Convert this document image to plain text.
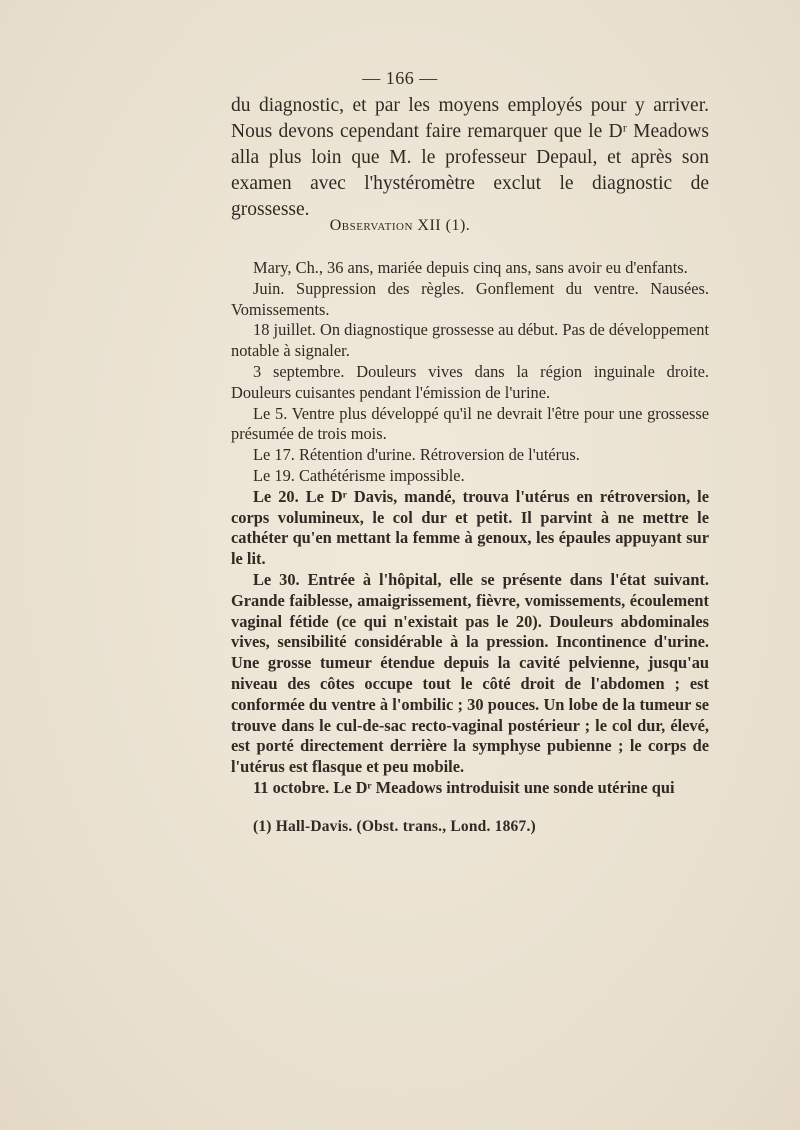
— 166 —

du diagnostic, et par les moyens employés pour y arriver. Nous devons cependant faire remarquer que le Dʳ Meadows alla plus loin que M. le professeur Depaul, et après son examen avec l'hystéromètre exclut le diagnostic de grossesse.

Observation XII (1).

Mary, Ch., 36 ans, mariée depuis cinq ans, sans avoir eu d'enfants.

Juin. Suppression des règles. Gonflement du ventre. Nausées. Vomissements.

18 juillet. On diagnostique grossesse au début. Pas de développement notable à signaler.

3 septembre. Douleurs vives dans la région inguinale droite. Douleurs cuisantes pendant l'émission de l'urine.

Le 5. Ventre plus développé qu'il ne devrait l'être pour une grossesse présumée de trois mois.

Le 17. Rétention d'urine. Rétroversion de l'utérus.

Le 19. Cathétérisme impossible.

Le 20. Le Dʳ Davis, mandé, trouva l'utérus en rétroversion, le corps volumineux, le col dur et petit. Il parvint à ne mettre le cathéter qu'en mettant la femme à genoux, les épaules appuyant sur le lit.

Le 30. Entrée à l'hôpital, elle se présente dans l'état suivant. Grande faiblesse, amaigrissement, fièvre, vomissements, écoulement vaginal fétide (ce qui n'existait pas le 20). Douleurs abdominales vives, sensibilité considérable à la pression. Incontinence d'urine. Une grosse tumeur étendue depuis la cavité pelvienne, jusqu'au niveau des côtes occupe tout le côté droit de l'abdomen ; est conformée du ventre à l'ombilic ; 30 pouces. Un lobe de la tumeur se trouve dans le cul-de-sac recto-vaginal postérieur ; le col dur, élevé, est porté directement derrière la symphyse pubienne ; le corps de l'utérus est flasque et peu mobile.

11 octobre. Le Dʳ Meadows introduisit une sonde utérine qui

(1) Hall-Davis. (Obst. trans., Lond. 1867.)
